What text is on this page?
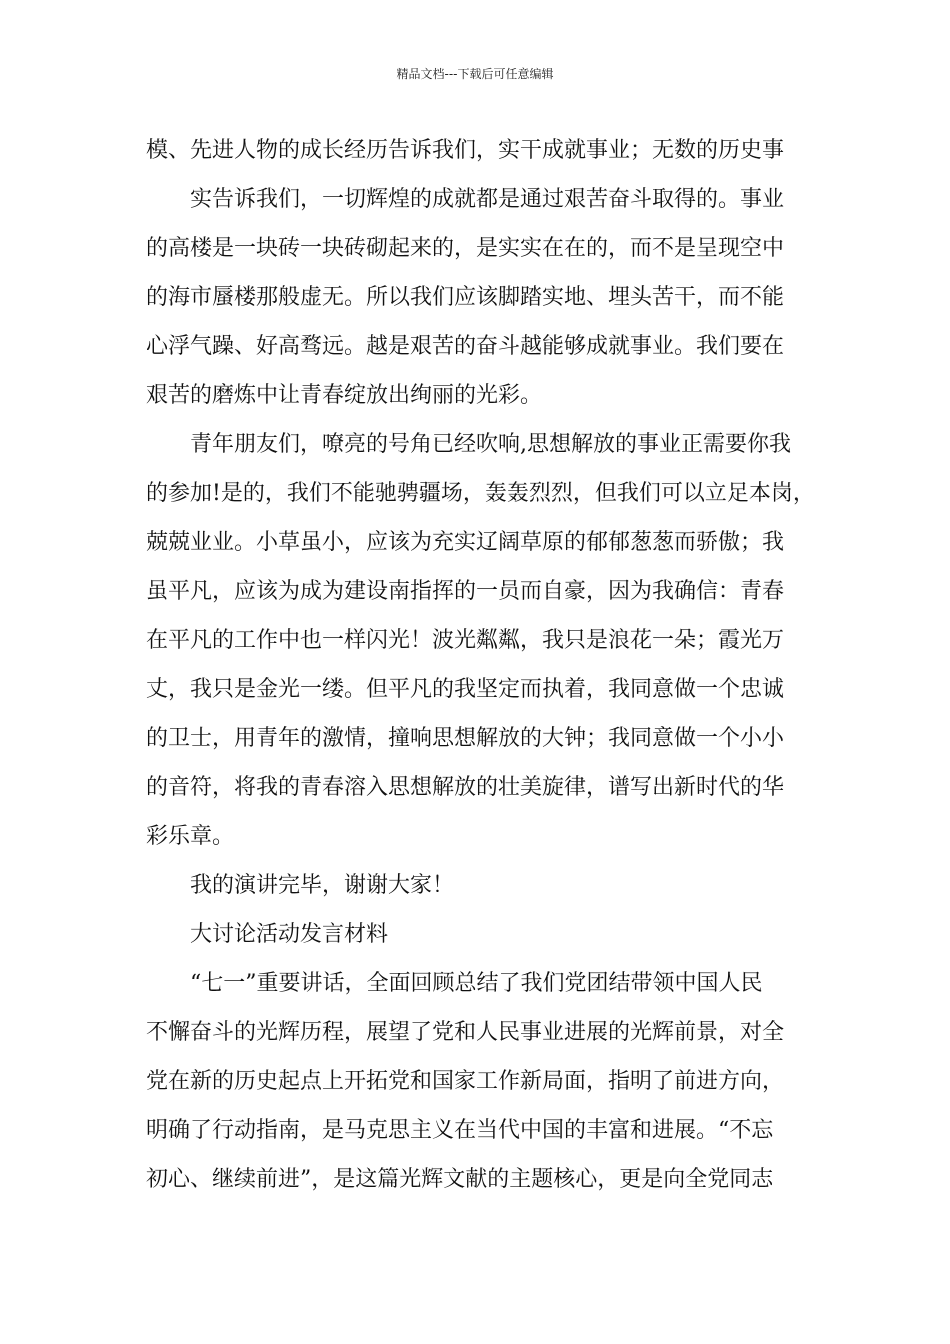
精品文档---下载后可任意编辑
模、先进人物的成长经历告诉我们，实干成就事业；无数的历史事
实告诉我们，一切辉煌的成就都是通过艰苦奋斗取得的。事业
的高楼是一块砖一块砖砌起来的，是实实在在的，而不是呈现空中
的海市蜃楼那般虚无。所以我们应该脚踏实地、埋头苦干，而不能
心浮气躁、好高骛远。越是艰苦的奋斗越能够成就事业。我们要在
艰苦的磨炼中让青春绽放出绚丽的光彩。
青年朋友们，嘹亮的号角已经吹响,思想解放的事业正需要你我
的参加!是的，我们不能驰骋疆场，轰轰烈烈，但我们可以立足本岗，
兢兢业业。小草虽小，应该为充实辽阔草原的郁郁葱葱而骄傲；我
虽平凡，应该为成为建设南指挥的一员而自豪，因为我确信：青春
在平凡的工作中也一样闪光！波光粼粼，我只是浪花一朵；霞光万
丈，我只是金光一缕。但平凡的我坚定而执着，我同意做一个忠诚
的卫士，用青年的激情，撞响思想解放的大钟；我同意做一个小小
的音符，将我的青春溶入思想解放的壮美旋律，谱写出新时代的华
彩乐章。
我的演讲完毕，谢谢大家！
大讨论活动发言材料
“七一”重要讲话，全面回顾总结了我们党团结带领中国人民
不懈奋斗的光辉历程，展望了党和人民事业进展的光辉前景，对全
党在新的历史起点上开拓党和国家工作新局面，指明了前进方向，
明确了行动指南，是马克思主义在当代中国的丰富和进展。“不忘
初心、继续前进”，是这篇光辉文献的主题核心，更是向全党同志
